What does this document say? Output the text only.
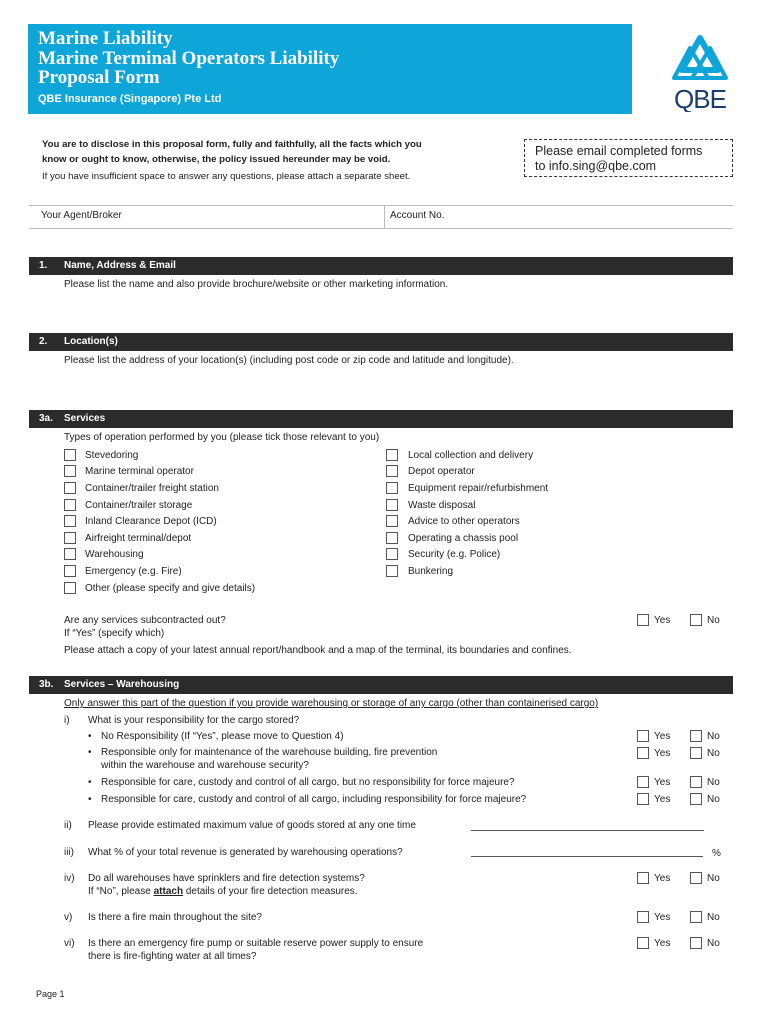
Marine Liability
Marine Terminal Operators Liability
Proposal Form
QBE Insurance (Singapore) Pte Ltd	QBE
You are to disclose in this proposal form, fully and faithfully, all the facts which you
know or ought to know, otherwise, the policy issued hereunder may be void.
If you have insufficient space to answer any questions, please attach a separate sheet.
Please email completed forms
to info.sing@qbe.com
Your Agent/Broker	Account No.
1. Name, Address & Email
Please list the name and also provide brochure/website or other marketing information.
2. Location(s)
Please list the address of your location(s) (including post code or zip code and latitude and longitude).
3a. Services
Types of operation performed by you (please tick those relevant to you)
Stevedoring
Marine terminal operator
Container/trailer freight station
Container/trailer storage
Inland Clearance Depot (ICD)
Airfreight terminal/depot
Warehousing
Emergency (e.g. Fire)
Other (please specify and give details)
Local collection and delivery
Depot operator
Equipment repair/refurbishment
Waste disposal
Advice to other operators
Operating a chassis pool
Security (e.g. Police)
Bunkering
Are any services subcontracted out?
If “Yes” (specify which)
Yes	No
Please attach a copy of your latest annual report/handbook and a map of the terminal, its boundaries and confines.
3b. Services – Warehousing
Only answer this part of the question if you provide warehousing or storage of any cargo (other than containerised cargo)
i) What is your responsibility for the cargo stored?
• No Responsibility (If “Yes”, please move to Question 4)	Yes	No
• Responsible only for maintenance of the warehouse building, fire prevention
within the warehouse and warehouse security?
Yes	No
• Responsible for care, custody and control of all cargo, but no responsibility for force majeure?	Yes	No
• Responsible for care, custody and control of all cargo, including responsibility for force majeure?	Yes	No
ii) Please provide estimated maximum value of goods stored at any one time
iii) What % of your total revenue is generated by warehousing operations?	%
iv) Do all warehouses have sprinklers and fire detection systems?
If “No”, please attach details of your fire detection measures.
Yes	No
v) Is there a fire main throughout the site?	Yes	No
vi) Is there an emergency fire pump or suitable reserve power supply to ensure
there is fire-fighting water at all times?
Yes	No
Page 1
